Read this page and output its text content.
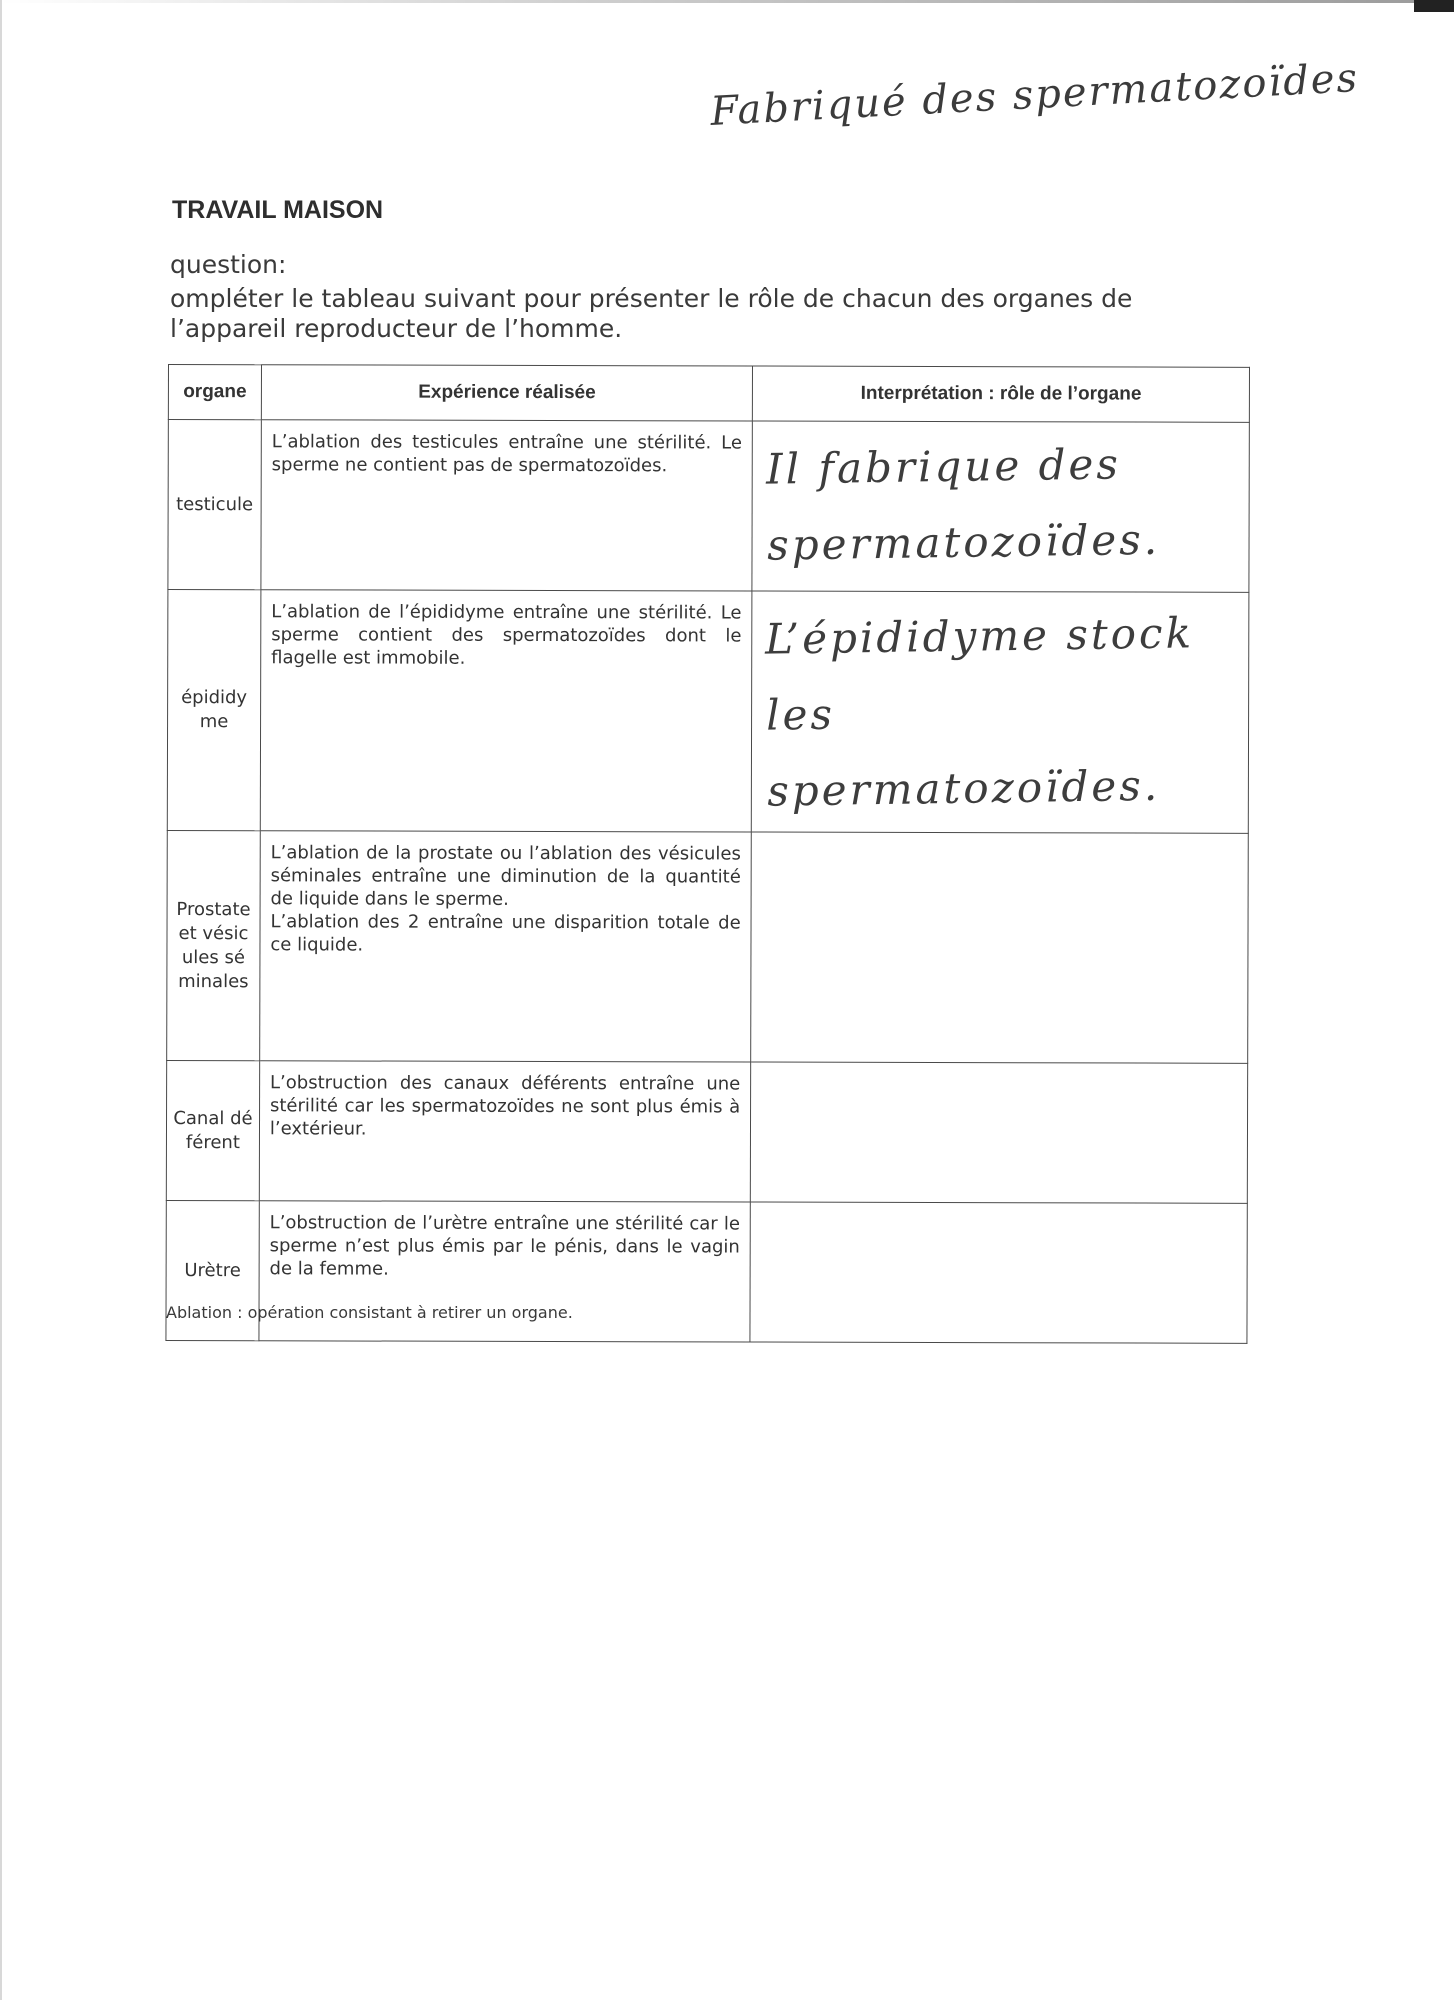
Fabriqué des spermatozoïdes
TRAVAIL MAISON
question:
ompléter le tableau suivant pour présenter le rôle de chacun des organes de l’appareil reproducteur de l’homme.
organe	Expérience réalisée	Interprétation : rôle de l’organe
testicule	L’ablation des testicules entraîne une stérilité. Le sperme ne contient pas de spermatozoïdes.	Il fabrique des spermatozoïdes.

épididyme	L’ablation de l’épididyme entraîne une stérilité. Le sperme contient des spermatozoïdes dont le flagelle est immobile.	L’épididyme stock les spermatozoïdes.

Prostate et vésicules séminales	L’ablation de la prostate ou l’ablation des vésicules séminales entraîne une diminution de la quantité de liquide dans le sperme.
L’ablation des 2 entraîne une disparition totale de ce liquide.	
Canal déférent	L’obstruction des canaux déférents entraîne une stérilité car les spermatozoïdes ne sont plus émis à l’extérieur.	
Urètre	L’obstruction de l’urètre entraîne une stérilité car le sperme n’est plus émis par le pénis, dans le vagin de la femme.	
Ablation : opération consistant à retirer un organe.
